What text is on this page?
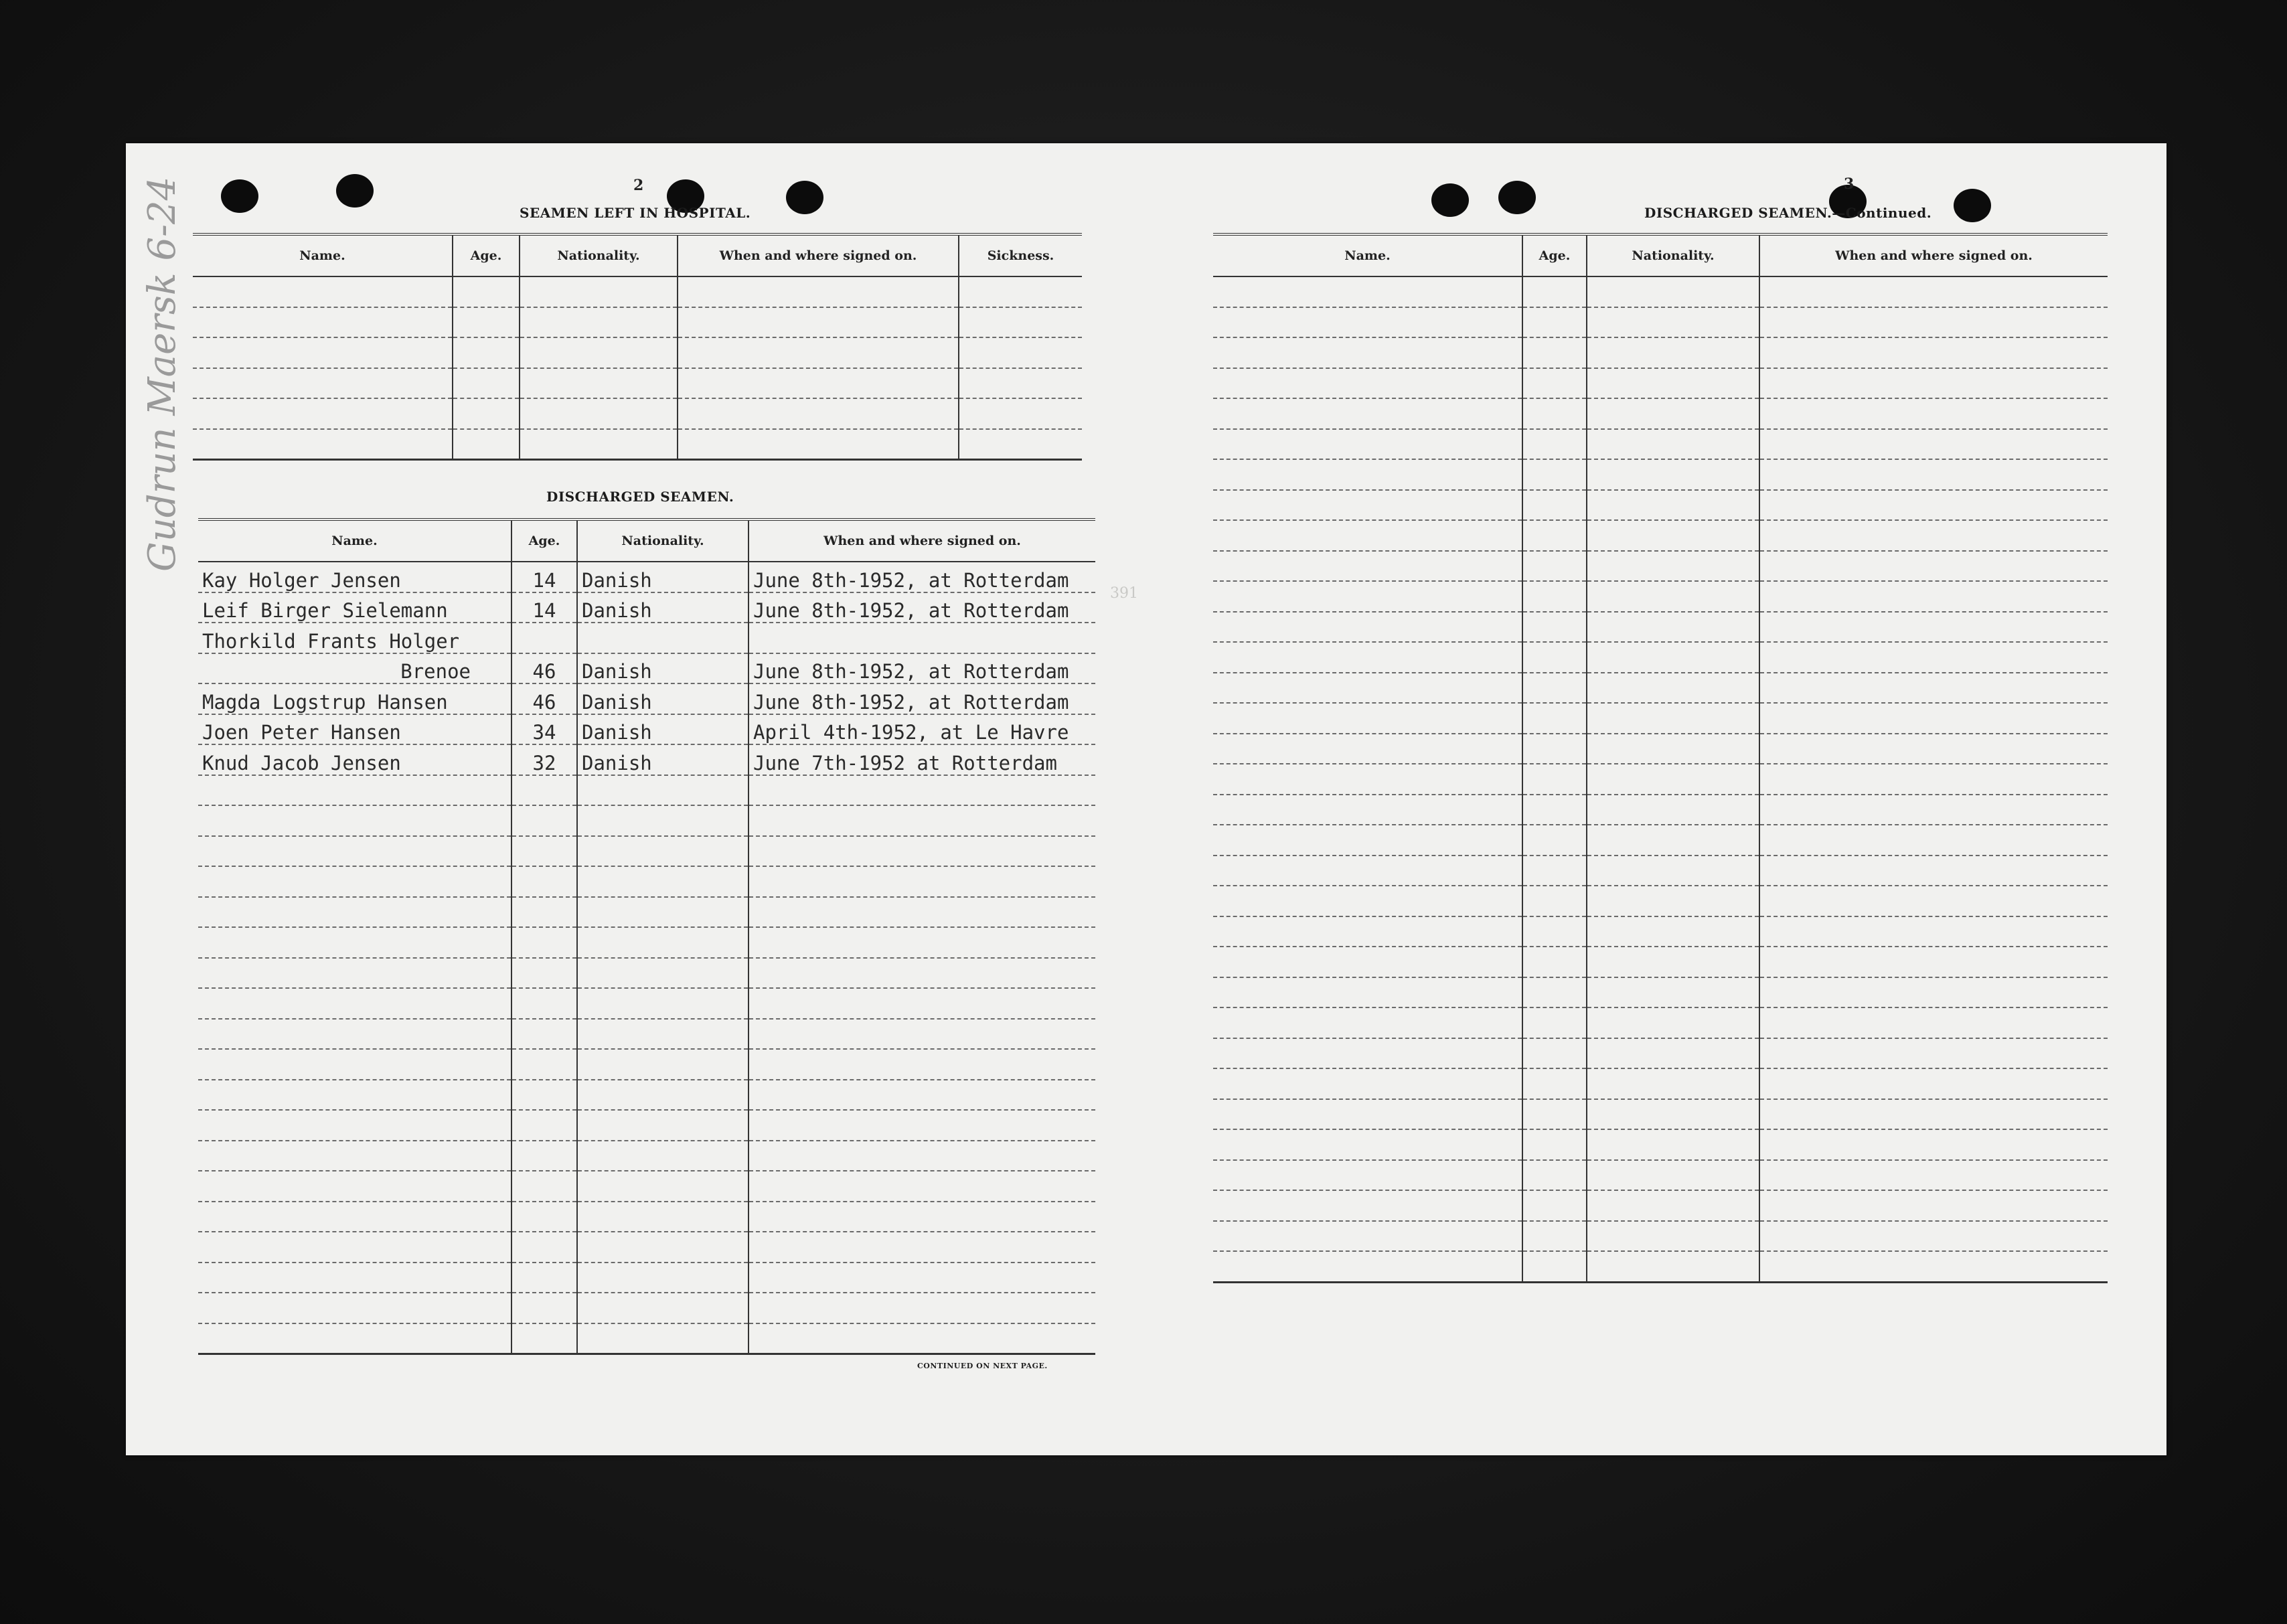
2
SEAMEN LEFT IN HOSPITAL.
Name.	Age.	Nationality.	When and where signed on.	Sickness.

DISCHARGED SEAMEN.
Name.	Age.	Nationality.	When and where signed on.
Kay Holger Jensen	14	Danish	June 8th-1952, at Rotterdam
Leif Birger Sielemann	14	Danish	June 8th-1952, at Rotterdam
Thorkild Frants Holger			
Brenoe	46	Danish	June 8th-1952, at Rotterdam
Magda Logstrup Hansen	46	Danish	June 8th-1952, at Rotterdam
Joen Peter Hansen	34	Danish	April 4th-1952, at Le Havre
Knud Jacob Jensen	32	Danish	June 7th-1952 at Rotterdam

CONTINUED ON NEXT PAGE.
Gudrun Maersk 6-24
391
3
DISCHARGED SEAMEN.—Continued.
Name.	Age.	Nationality.	When and where signed on.
